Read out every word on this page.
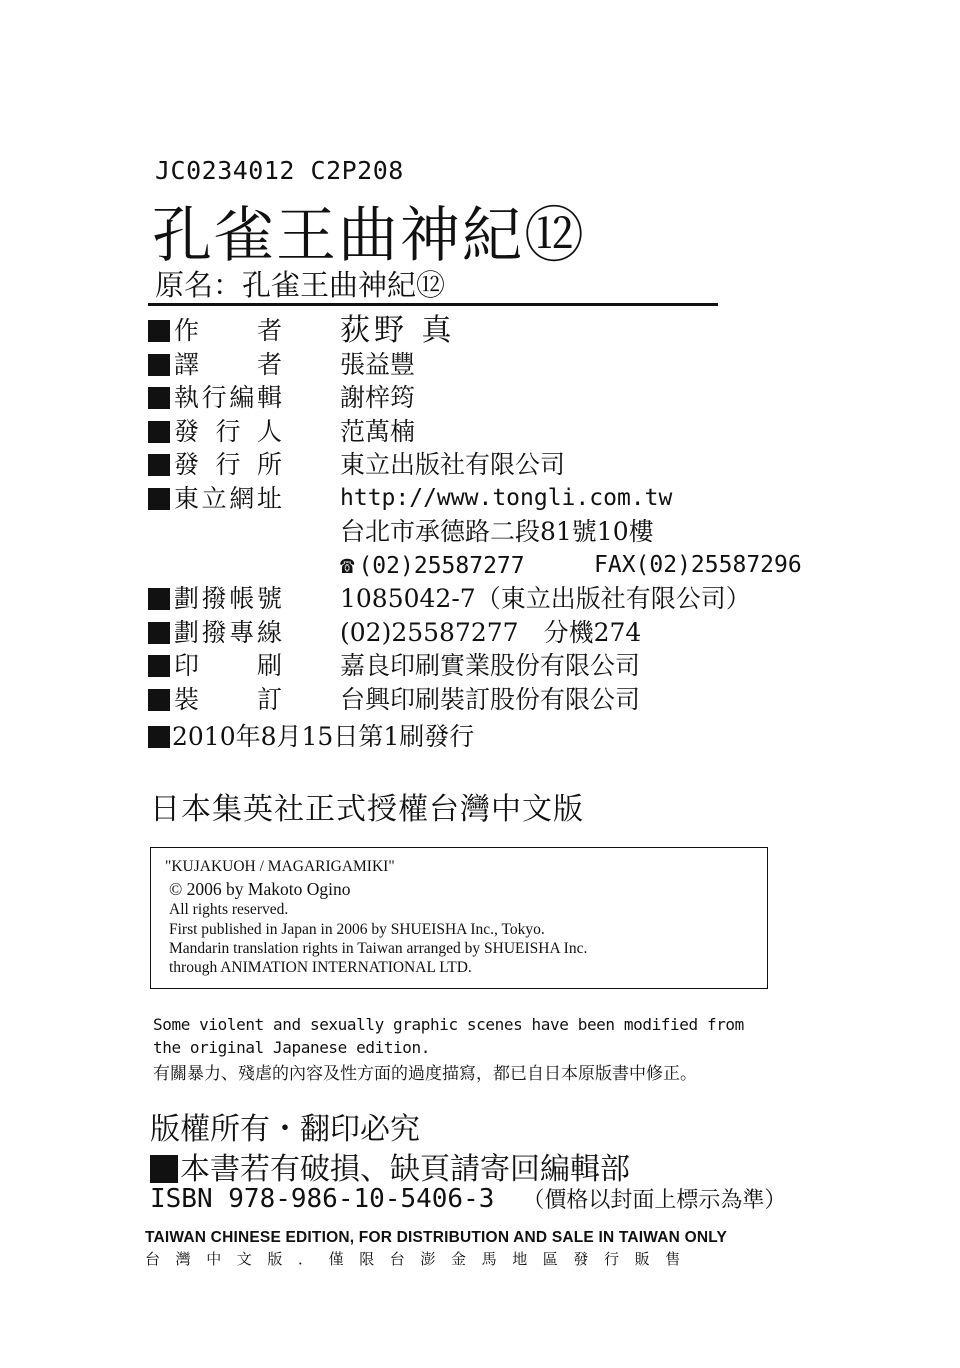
JC0234012 C2P208
孔雀王曲神紀⑫
原名：孔雀王曲神紀⑫
作　　者	荻野 真
譯　　者	張益豐
執行編輯	謝梓筠
發 行 人	范萬楠
發 行 所	東立出版社有限公司
東立網址	http://www.tongli.com.tw
台北市承德路二段81號10樓
☎ (02)25587277	FAX(02)25587296
劃撥帳號	1085042-7（東立出版社有限公司）
劃撥專線	(02)25587277　分機274
印　　刷	嘉良印刷實業股份有限公司
裝　　訂	台興印刷裝訂股份有限公司
2010年8月15日第1刷發行
日本集英社正式授權台灣中文版
"KUJAKUOH / MAGARIGAMIKI"
© 2006 by Makoto Ogino
All rights reserved.
First published in Japan in 2006 by SHUEISHA Inc., Tokyo.
Mandarin translation rights in Taiwan arranged by SHUEISHA Inc.
through ANIMATION INTERNATIONAL LTD.
Some violent and sexually graphic scenes have been modified from
the original Japanese edition.
有關暴力、殘虐的內容及性方面的過度描寫，都已自日本原版書中修正。
版權所有・翻印必究
本書若有破損、缺頁請寄回編輯部
ISBN 978-986-10-5406-3 （價格以封面上標示為準）
TAIWAN CHINESE EDITION, FOR DISTRIBUTION AND SALE IN TAIWAN ONLY
台灣中文版．僅限台澎金馬地區發行販售
